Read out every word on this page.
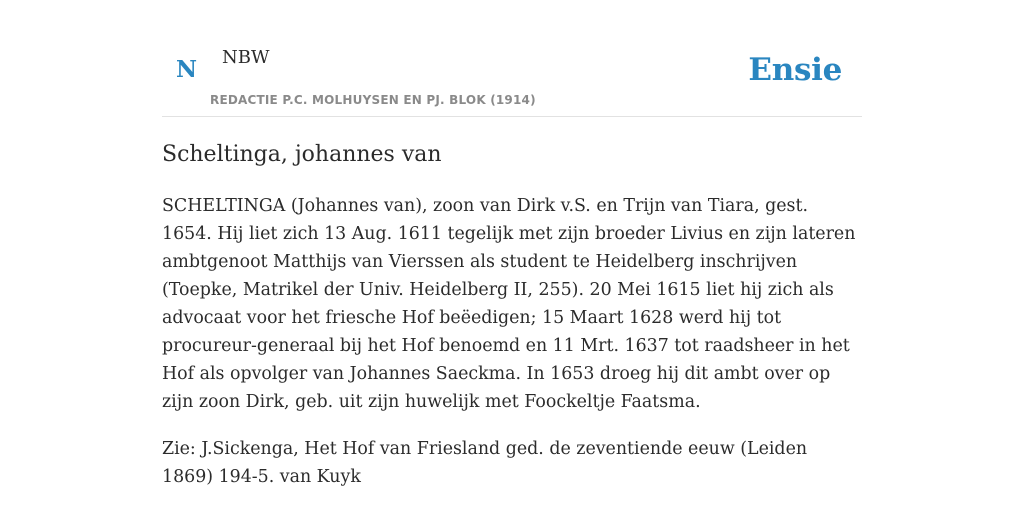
N NBW
REDACTIE P.C. MOLHUYSEN EN PJ. BLOK (1914)
Ensie
Scheltinga, johannes van

SCHELTINGA (Johannes van), zoon van Dirk v.S. en Trijn van Tiara, gest. 1654. Hij liet zich 13 Aug. 1611 tegelijk met zijn broeder Livius en zijn lateren ambtgenoot Matthijs van Vierssen als student te Heidelberg inschrijven (Toepke, Matrikel der Univ. Heidelberg II, 255). 20 Mei 1615 liet hij zich als advocaat voor het friesche Hof beëedigen; 15 Maart 1628 werd hij tot procureur-generaal bij het Hof benoemd en 11 Mrt. 1637 tot raadsheer in het Hof als opvolger van Johannes Saeckma. In 1653 droeg hij dit ambt over op zijn zoon Dirk, geb. uit zijn huwelijk met Foockeltje Faatsma.

Zie: J.Sickenga, Het Hof van Friesland ged. de zeventiende eeuw (Leiden 1869) 194-5. van Kuyk
